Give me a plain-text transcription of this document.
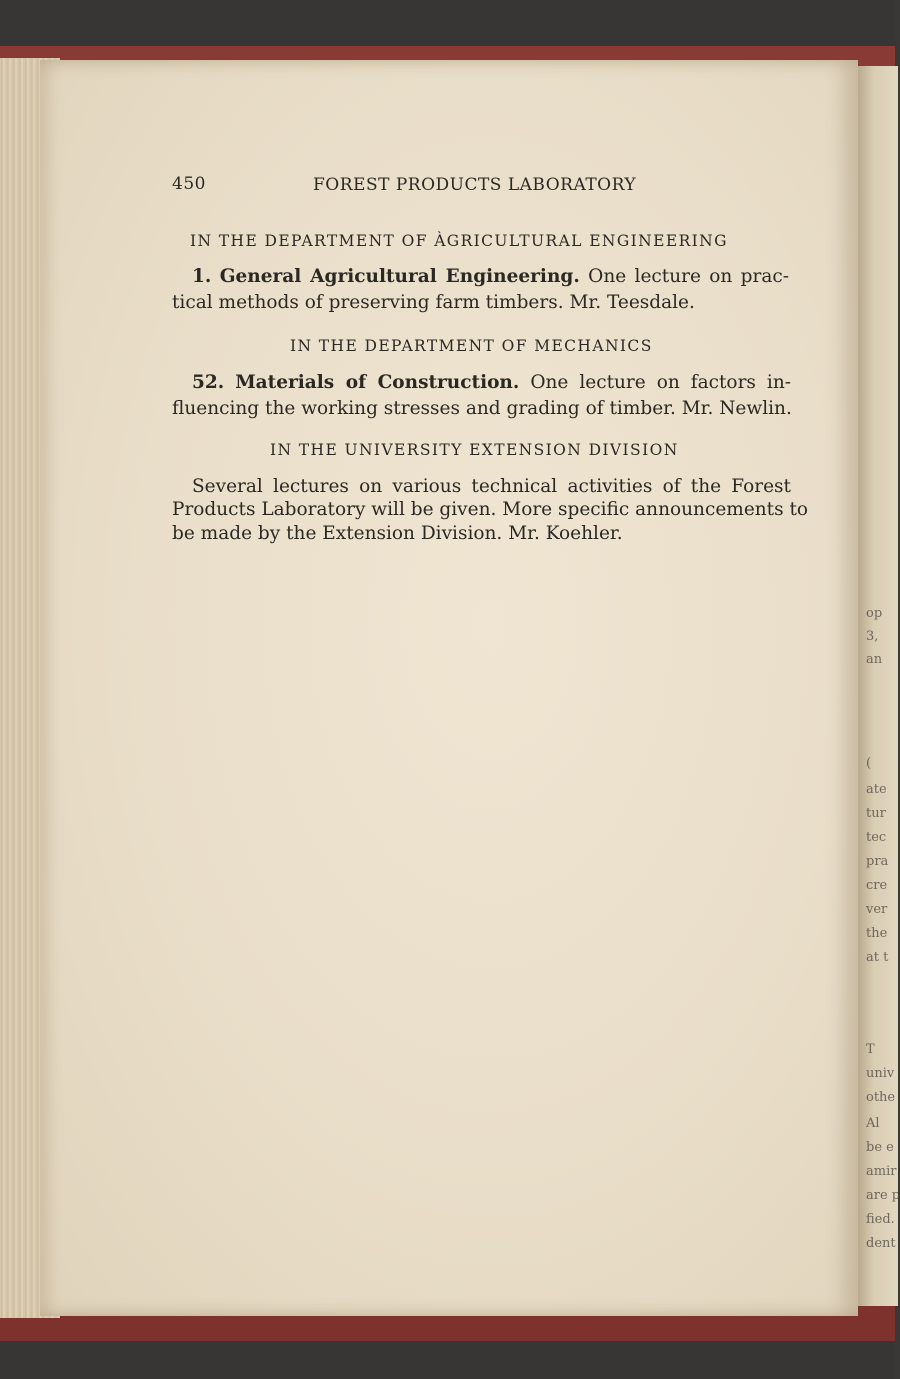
op
3,
an
(
ate
tur
tec
pra
cre
ver
the
at t
T
univ
othe
Al
be e
amir
are p
fied.
dent
450	FOREST PRODUCTS LABORATORY
IN THE DEPARTMENT OF ÀGRICULTURAL ENGINEERING
1. General Agricultural Engineering. One lecture on prac-
tical methods of preserving farm timbers. Mr. Teesdale.
IN THE DEPARTMENT OF MECHANICS
52. Materials of Construction. One lecture on factors in-
fluencing the working stresses and grading of timber. Mr. Newlin.
IN THE UNIVERSITY EXTENSION DIVISION
Several lectures on various technical activities of the Forest
Products Laboratory will be given. More specific announcements to
be made by the Extension Division. Mr. Koehler.
